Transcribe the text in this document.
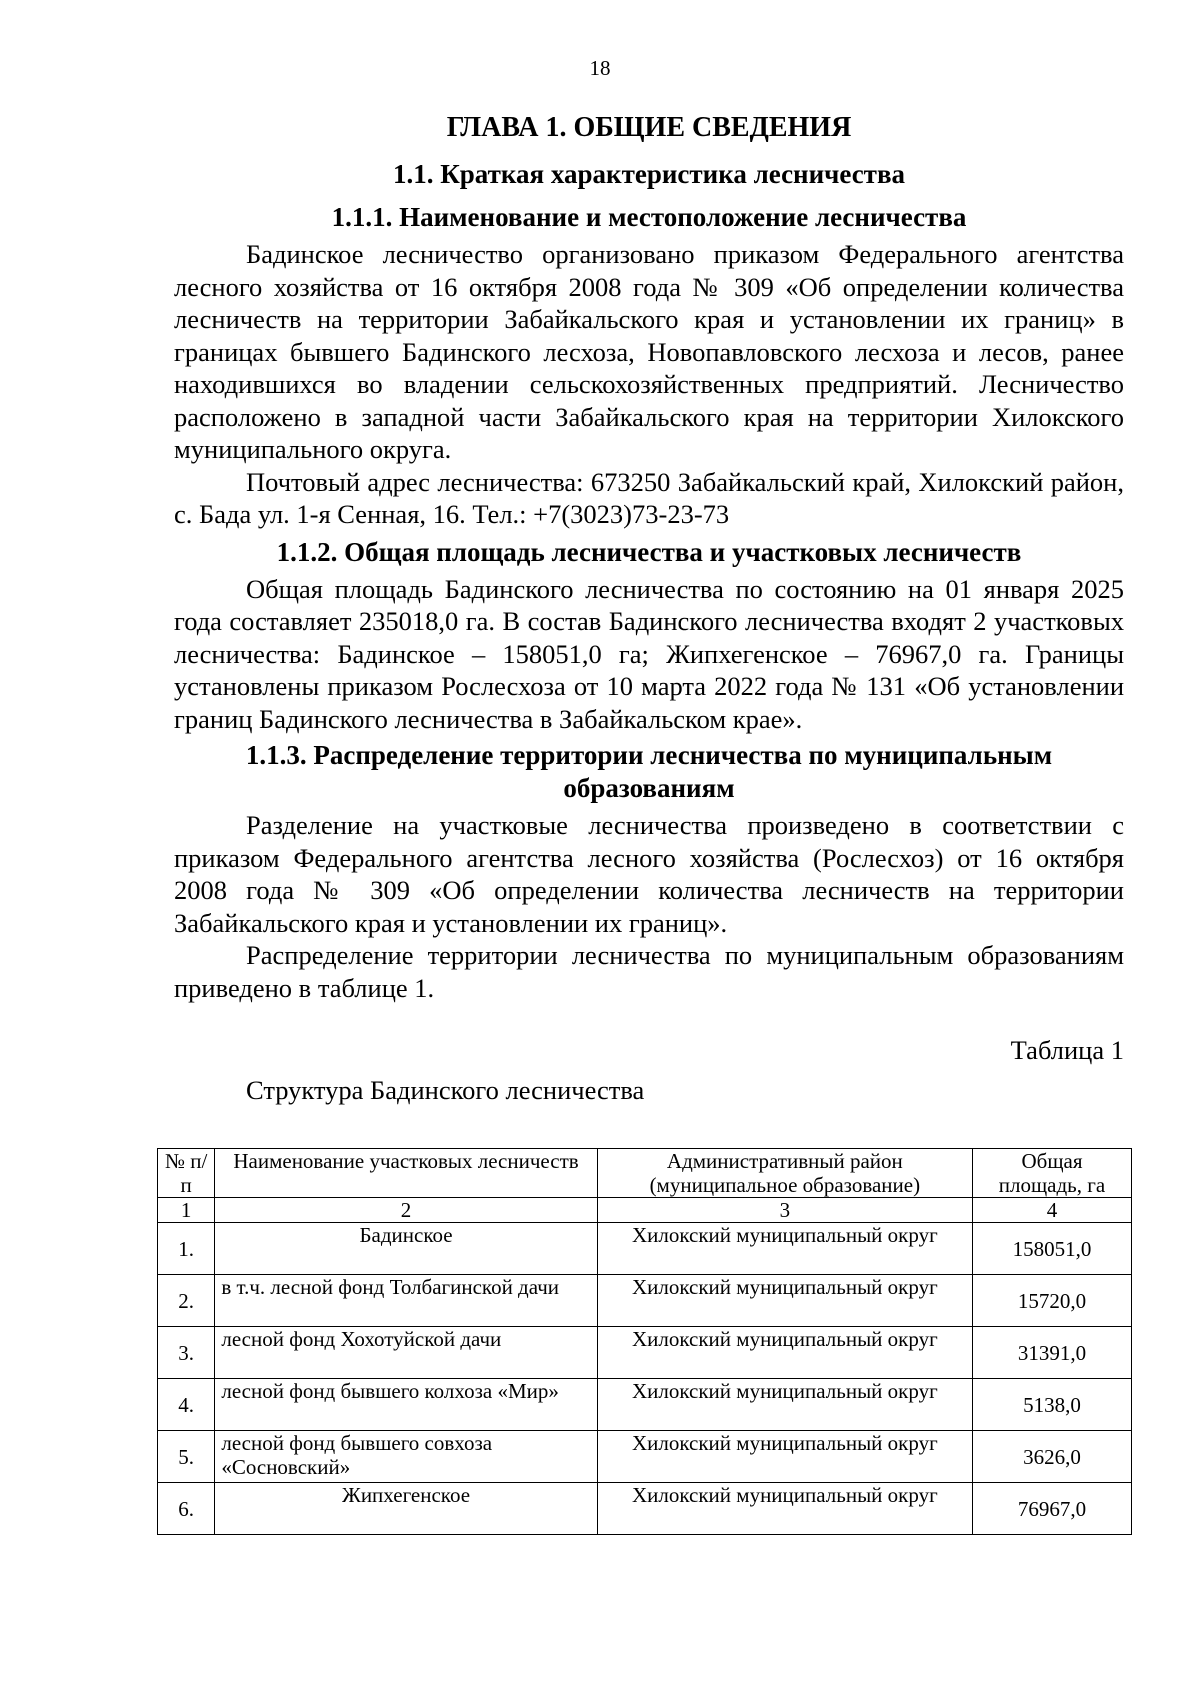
18
ГЛАВА 1. ОБЩИЕ СВЕДЕНИЯ
1.1. Краткая характеристика лесничества
1.1.1. Наименование и местоположение лесничества

Бадинское лесничество организовано приказом Федерального агентства лесного хозяйства от 16 октября 2008 года № 309 «Об определении количества лесничеств на территории Забайкальского края и установлении их границ» в границах бывшего Бадинского лесхоза, Новопавловского лесхоза и лесов, ранее находившихся во владении сельскохозяйственных предприятий. Лесничество расположено в западной части Забайкальского края на территории Хилокского муниципального округа.

Почтовый адрес лесничества: 673250 Забайкальский край, Хилокский район, с. Бада ул. 1-я Сенная, 16. Тел.: +7(3023)73-23-73

1.1.2. Общая площадь лесничества и участковых лесничеств

Общая площадь Бадинского лесничества по состоянию на 01 января 2025 года составляет 235018,0 га. В состав Бадинского лесничества входят 2 участковых лесничества: Бадинское – 158051,0 га; Жипхегенское – 76967,0 га. Границы установлены приказом Рослесхоза от 10 марта 2022 года № 131 «Об установлении границ Бадинского лесничества в Забайкальском крае».

1.1.3. Распределение территории лесничества по муниципальным
образованиям

Разделение на участковые лесничества произведено в соответствии с приказом Федерального агентства лесного хозяйства (Рослесхоз) от 16 октября 2008 года № 309 «Об определении количества лесничеств на территории Забайкальского края и установлении их границ».

Распределение территории лесничества по муниципальным образованиям приведено в таблице 1.

Таблица 1
Структура Бадинского лесничества
№ п/п	Наименование участковых лесничеств	Административный район (муниципальное образование)	Общая площадь, га
1	2	3	4
1.	Бадинское	Хилокский муниципальный округ	158051,0
2.	в т.ч. лесной фонд Толбагинской дачи	Хилокский муниципальный округ	15720,0
3.	лесной фонд Хохотуйской дачи	Хилокский муниципальный округ	31391,0
4.	лесной фонд бывшего колхоза «Мир»	Хилокский муниципальный округ	5138,0
5.	лесной фонд бывшего совхоза «Сосновский»	Хилокский муниципальный округ	3626,0
6.	Жипхегенское	Хилокский муниципальный округ	76967,0
